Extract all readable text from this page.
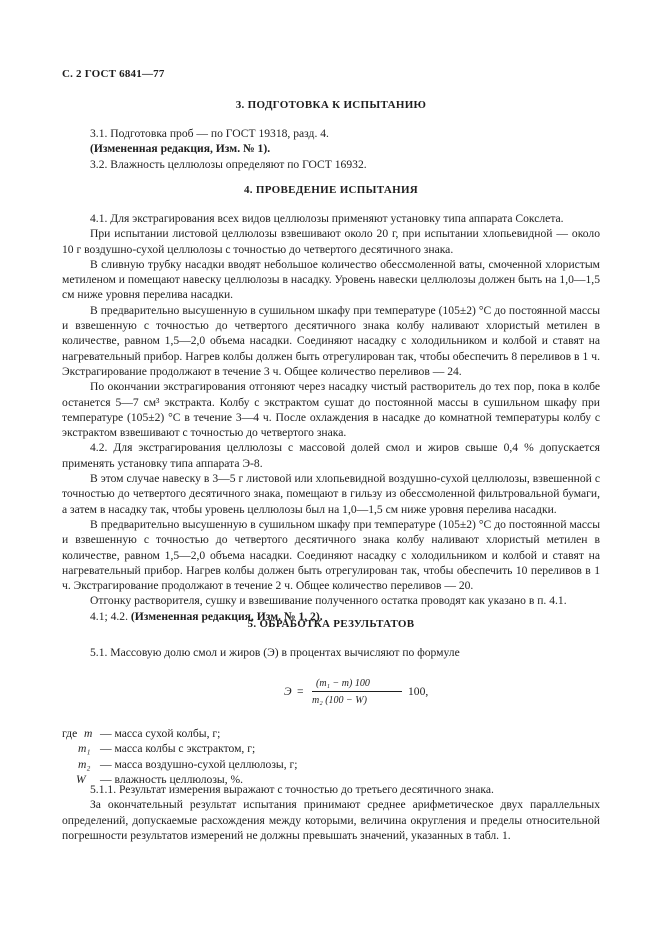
С. 2 ГОСТ 6841—77
3. ПОДГОТОВКА К ИСПЫТАНИЮ

3.1. Подготовка проб — по ГОСТ 19318, разд. 4.

(Измененная редакция, Изм. № 1).

3.2. Влажность целлюлозы определяют по ГОСТ 16932.

4. ПРОВЕДЕНИЕ ИСПЫТАНИЯ

4.1. Для экстрагирования всех видов целлюлозы применяют установку типа аппарата Сокслета.

При испытании листовой целлюлозы взвешивают около 20 г, при испытании хлопьевидной — около 10 г воздушно-сухой целлюлозы с точностью до четвертого десятичного знака.

В сливную трубку насадки вводят небольшое количество обессмоленной ваты, смоченной хлористым метиленом и помещают навеску целлюлозы в насадку. Уровень навески целлюлозы должен быть на 1,0—1,5 см ниже уровня перелива насадки.

В предварительно высушенную в сушильном шкафу при температуре (105±2) °С до постоянной массы и взвешенную с точностью до четвертого десятичного знака колбу наливают хлористый метилен в количестве, равном 1,5—2,0 объема насадки. Соединяют насадку с холодильником и колбой и ставят на нагревательный прибор. Нагрев колбы должен быть отрегулирован так, чтобы обеспечить 8 переливов в 1 ч. Экстрагирование продолжают в течение 3 ч. Общее количество переливов — 24.

По окончании экстрагирования отгоняют через насадку чистый растворитель до тех пор, пока в колбе останется 5—7 см³ экстракта. Колбу с экстрактом сушат до постоянной массы в сушильном шкафу при температуре (105±2) °С в течение 3—4 ч. После охлаждения в насадке до комнатной температуры колбу с экстрактом взвешивают с точностью до четвертого знака.

4.2. Для экстрагирования целлюлозы с массовой долей смол и жиров свыше 0,4 % допускается применять установку типа аппарата Э-8.

В этом случае навеску в 3—5 г листовой или хлопьевидной воздушно-сухой целлюлозы, взвешенной с точностью до четвертого десятичного знака, помещают в гильзу из обессмоленной фильтровальной бумаги, а затем в насадку так, чтобы уровень целлюлозы был на 1,0—1,5 см ниже уровня перелива насадки.

В предварительно высушенную в сушильном шкафу при температуре (105±2) °С до постоянной массы и взвешенную с точностью до четвертого десятичного знака колбу наливают хлористый метилен в количестве, равном 1,5—2,0 объема насадки. Соединяют насадку с холодильником и колбой и ставят на нагревательный прибор. Нагрев колбы должен быть отрегулирован так, чтобы обеспечить 10 переливов в 1 ч. Экстрагирование продолжают в течение 2 ч. Общее количество переливов — 20.

Отгонку растворителя, сушку и взвешивание полученного остатка проводят как указано в п. 4.1.

4.1; 4.2. (Измененная редакция, Изм. № 1, 2).

5. ОБРАБОТКА РЕЗУЛЬТАТОВ

5.1. Массовую долю смол и жиров (Э) в процентах вычисляют по формуле

Э =
(m₁ − m) 100
m₂ (100 − W)
100,
где m — масса сухой колбы, г;
m₁ — масса колбы с экстрактом, г;
m₂ — масса воздушно-сухой целлюлозы, г;
W — влажность целлюлозы, %.

5.1.1. Результат измерения выражают с точностью до третьего десятичного знака.

За окончательный результат испытания принимают среднее арифметическое двух параллельных определений, допускаемые расхождения между которыми, величина округления и пределы относительной погрешности результатов измерений не должны превышать значений, указанных в табл. 1.
